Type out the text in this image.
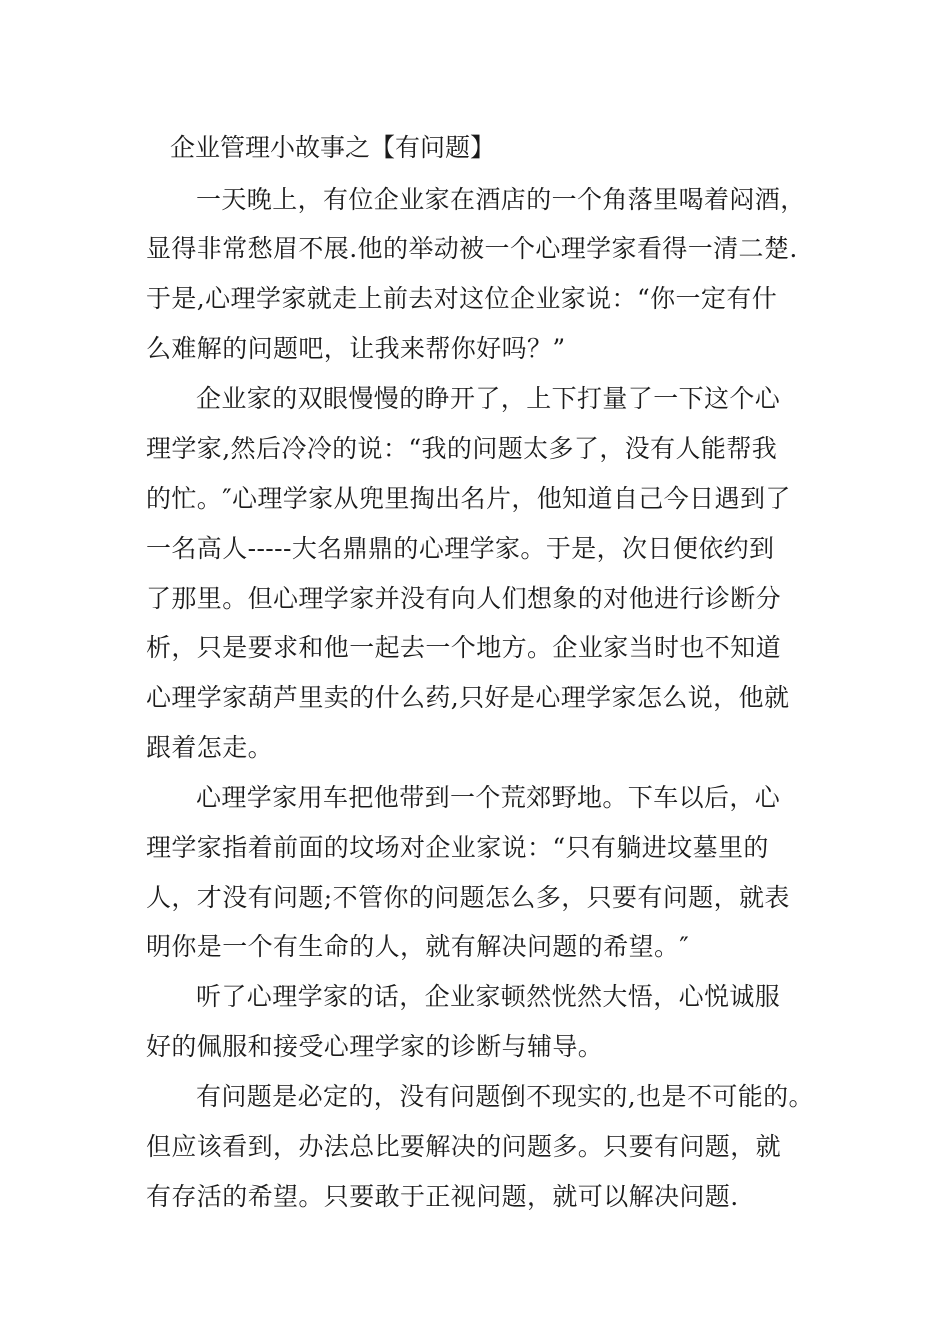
企业管理小故事之【有问题】
一天晚上，有位企业家在酒店的一个角落里喝着闷酒，
显得非常愁眉不展.他的举动被一个心理学家看得一清二楚.
于是,心理学家就走上前去对这位企业家说：“你一定有什
么难解的问题吧，让我来帮你好吗？”
企业家的双眼慢慢的睁开了，上下打量了一下这个心
理学家,然后冷冷的说：“我的问题太多了，没有人能帮我
的忙。″心理学家从兜里掏出名片，他知道自己今日遇到了
一名高人-----大名鼎鼎的心理学家。于是，次日便依约到
了那里。但心理学家并没有向人们想象的对他进行诊断分
析，只是要求和他一起去一个地方。企业家当时也不知道
心理学家葫芦里卖的什么药,只好是心理学家怎么说，他就
跟着怎走。
心理学家用车把他带到一个荒郊野地。下车以后，心
理学家指着前面的坟场对企业家说：“只有躺进坟墓里的
人，才没有问题;不管你的问题怎么多，只要有问题，就表
明你是一个有生命的人，就有解决问题的希望。″
听了心理学家的话，企业家顿然恍然大悟，心悦诚服
好的佩服和接受心理学家的诊断与辅导。
有问题是必定的，没有问题倒不现实的,也是不可能的。
但应该看到，办法总比要解决的问题多。只要有问题，就
有存活的希望。只要敢于正视问题，就可以解决问题.
